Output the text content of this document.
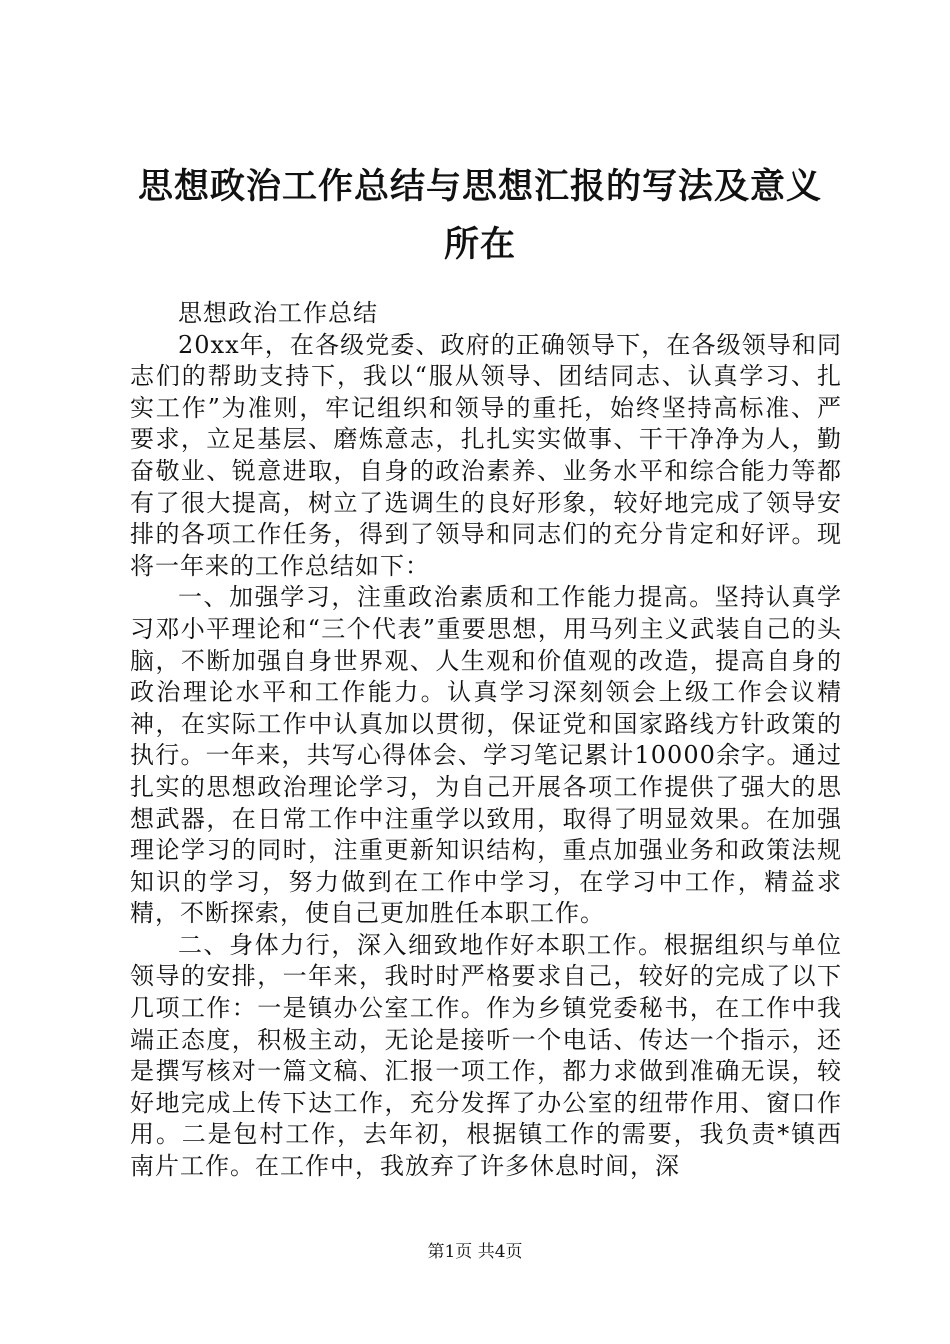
思想政治工作总结与思想汇报的写法及意义所在

思想政治工作总结

20xx年，在各级党委、政府的正确领导下，在各级领导和同志们的帮助支持下，我以“服从领导、团结同志、认真学习、扎实工作”为准则，牢记组织和领导的重托，始终坚持高标准、严要求，立足基层、磨炼意志，扎扎实实做事、干干净净为人，勤奋敬业、锐意进取，自身的政治素养、业务水平和综合能力等都有了很大提高，树立了选调生的良好形象，较好地完成了领导安排的各项工作任务，得到了领导和同志们的充分肯定和好评。现将一年来的工作总结如下：

一、加强学习，注重政治素质和工作能力提高。坚持认真学习邓小平理论和“三个代表”重要思想，用马列主义武装自己的头脑，不断加强自身世界观、人生观和价值观的改造，提高自身的政治理论水平和工作能力。认真学习深刻领会上级工作会议精神，在实际工作中认真加以贯彻，保证党和国家路线方针政策的执行。一年来，共写心得体会、学习笔记累计10000余字。通过扎实的思想政治理论学习，为自己开展各项工作提供了强大的思想武器，在日常工作中注重学以致用，取得了明显效果。在加强理论学习的同时，注重更新知识结构，重点加强业务和政策法规知识的学习，努力做到在工作中学习，在学习中工作，精益求精，不断探索，使自己更加胜任本职工作。

二、身体力行，深入细致地作好本职工作。根据组织与单位领导的安排，一年来，我时时严格要求自己，较好的完成了以下几项工作：一是镇办公室工作。作为乡镇党委秘书，在工作中我端正态度，积极主动，无论是接听一个电话、传达一个指示，还是撰写核对一篇文稿、汇报一项工作，都力求做到准确无误，较好地完成上传下达工作，充分发挥了办公室的纽带作用、窗口作用。二是包村工作，去年初，根据镇工作的需要，我负责*镇西南片工作。在工作中，我放弃了许多休息时间，深

第1页 共4页
